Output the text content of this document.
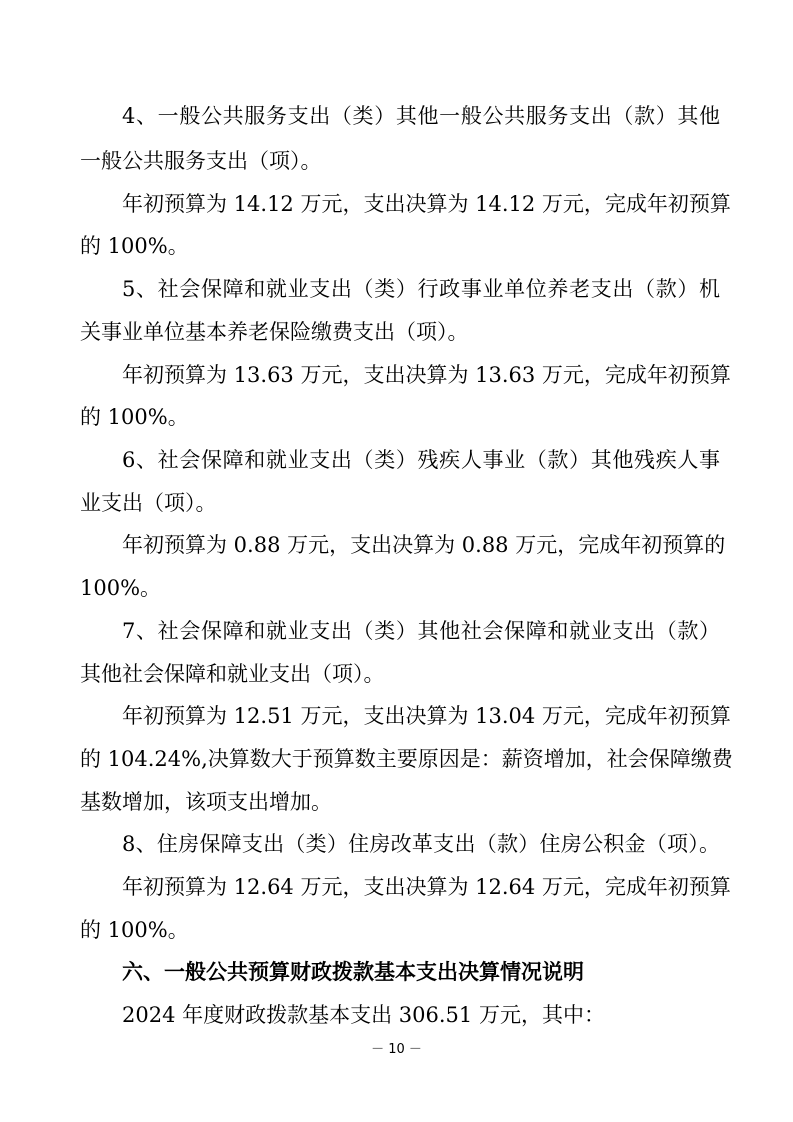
4、一般公共服务支出（类）其他一般公共服务支出（款）其他
一般公共服务支出（项）。
年初预算为 14.12 万元，支出决算为 14.12 万元，完成年初预算
的 100%。
5、社会保障和就业支出（类）行政事业单位养老支出（款）机
关事业单位基本养老保险缴费支出（项）。
年初预算为 13.63 万元，支出决算为 13.63 万元，完成年初预算
的 100%。
6、社会保障和就业支出（类）残疾人事业（款）其他残疾人事
业支出（项）。
年初预算为 0.88 万元，支出决算为 0.88 万元，完成年初预算的
100%。
7、社会保障和就业支出（类）其他社会保障和就业支出（款）
其他社会保障和就业支出（项）。
年初预算为 12.51 万元，支出决算为 13.04 万元，完成年初预算
的 104.24%,决算数大于预算数主要原因是：薪资增加，社会保障缴费
基数增加，该项支出增加。
8、住房保障支出（类）住房改革支出（款）住房公积金（项）。
年初预算为 12.64 万元，支出决算为 12.64 万元，完成年初预算
的 100%。
六、一般公共预算财政拨款基本支出决算情况说明
2024 年度财政拨款基本支出 306.51 万元，其中：
－ 10 －
